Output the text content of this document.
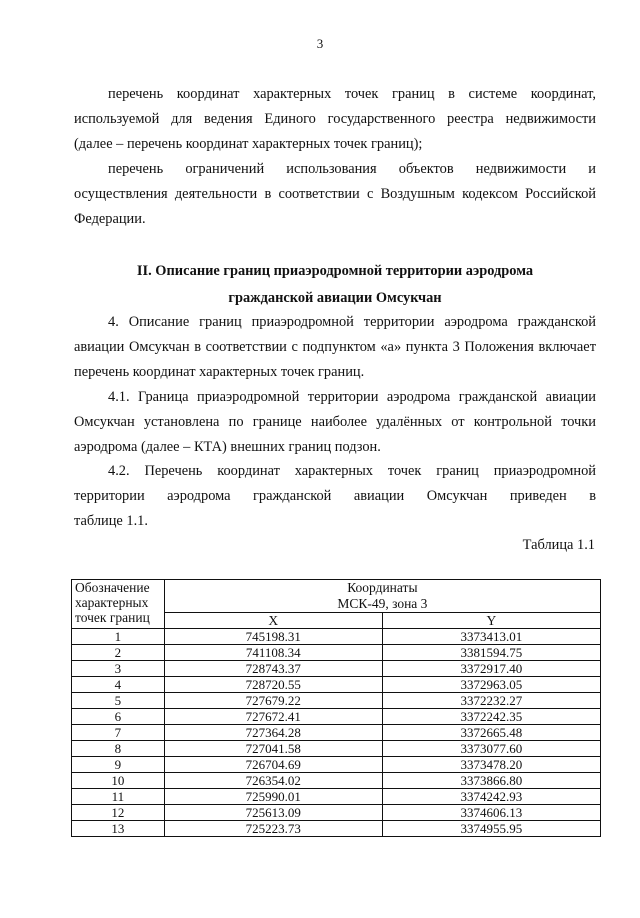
3
перечень координат характерных точек границ в системе координат,
используемой для ведения Единого государственного реестра недвижимости
(далее – перечень координат характерных точек границ);
перечень ограничений использования объектов недвижимости и
осуществления деятельности в соответствии с Воздушным кодексом Российской
Федерации.
II. Описание границ приаэродромной территории аэродрома
гражданской авиации Омсукчан
4. Описание границ приаэродромной территории аэродрома гражданской
авиации Омсукчан в соответствии с подпунктом «а» пункта 3 Положения включает
перечень координат характерных точек границ.
4.1. Граница приаэродромной территории аэродрома гражданской авиации
Омсукчан установлена по границе наиболее удалённых от контрольной точки
аэродрома (далее – КТА) внешних границ подзон.
4.2. Перечень координат характерных точек границ приаэродромной
территории аэродрома гражданской авиации Омсукчан приведен в
таблице 1.1.
Таблица 1.1
Обозначение
характерных
точек границ	Координаты
МСК-49, зона 3	

	X	Y
1	745198.31	3373413.01
2	741108.34	3381594.75
3	728743.37	3372917.40
4	728720.55	3372963.05
5	727679.22	3372232.27
6	727672.41	3372242.35
7	727364.28	3372665.48
8	727041.58	3373077.60
9	726704.69	3373478.20
10	726354.02	3373866.80
11	725990.01	3374242.93
12	725613.09	3374606.13
13	725223.73	3374955.95
